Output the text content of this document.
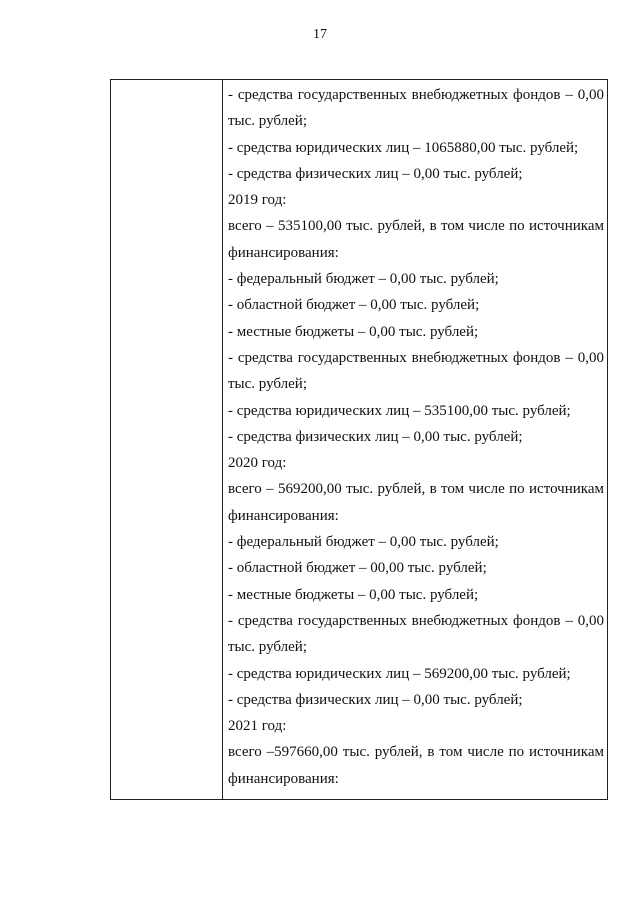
17
- средства государственных внебюджетных фондов – 0,00
тыс. рублей;
- средства юридических лиц – 1065880,00 тыс. рублей;
- средства физических лиц – 0,00 тыс. рублей;
2019 год:
всего – 535100,00 тыс. рублей, в том числе по источникам
финансирования:
- федеральный бюджет – 0,00 тыс. рублей;
- областной бюджет – 0,00 тыс. рублей;
- местные бюджеты – 0,00 тыс. рублей;
- средства государственных внебюджетных фондов – 0,00
тыс. рублей;
- средства юридических лиц – 535100,00 тыс. рублей;
- средства физических лиц – 0,00 тыс. рублей;
2020 год:
всего – 569200,00 тыс. рублей, в том числе по источникам
финансирования:
- федеральный бюджет – 0,00 тыс. рублей;
- областной бюджет – 00,00 тыс. рублей;
- местные бюджеты – 0,00 тыс. рублей;
- средства государственных внебюджетных фондов – 0,00
тыс. рублей;
- средства юридических лиц – 569200,00 тыс. рублей;
- средства физических лиц – 0,00 тыс. рублей;
2021 год:
всего –597660,00 тыс. рублей, в том числе по источникам
финансирования:
